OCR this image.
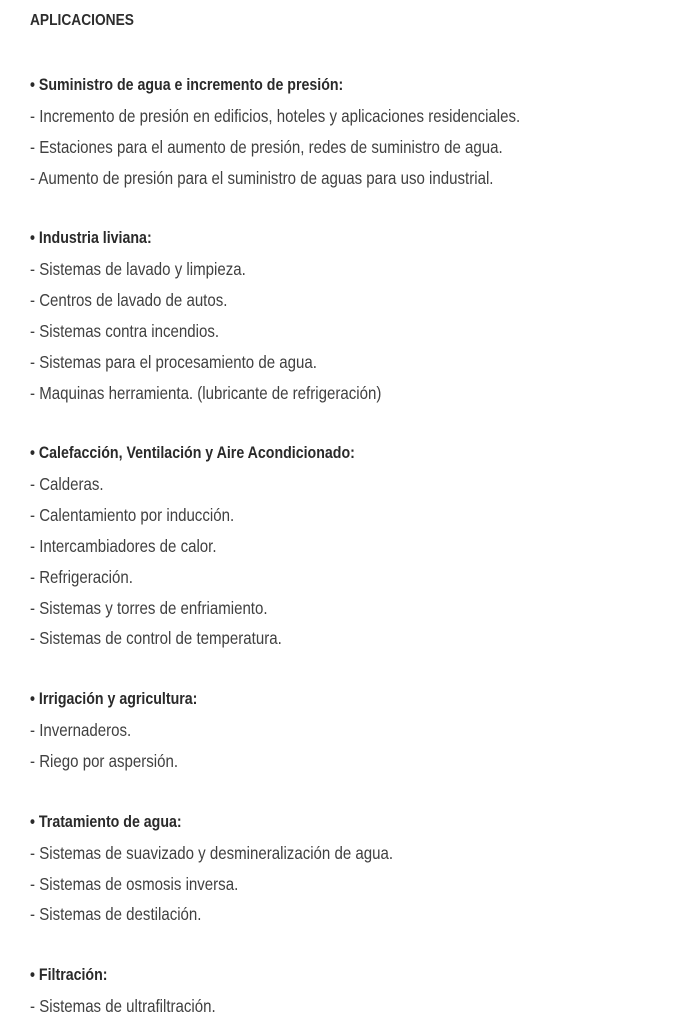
APLICACIONES
• Suministro de agua e incremento de presión:
- Incremento de presión en edificios, hoteles y aplicaciones residenciales.
- Estaciones para el aumento de presión, redes de suministro de agua.
- Aumento de presión para el suministro de aguas para uso industrial.
• Industria liviana:
- Sistemas de lavado y limpieza.
- Centros de lavado de autos.
- Sistemas contra incendios.
- Sistemas para el procesamiento de agua.
- Maquinas herramienta. (lubricante de refrigeración)
• Calefacción, Ventilación y Aire Acondicionado:
- Calderas.
- Calentamiento por inducción.
- Intercambiadores de calor.
- Refrigeración.
- Sistemas y torres de enfriamiento.
- Sistemas de control de temperatura.
• Irrigación y agricultura:
- Invernaderos.
- Riego por aspersión.
• Tratamiento de agua:
- Sistemas de suavizado y desmineralización de agua.
- Sistemas de osmosis inversa.
- Sistemas de destilación.
• Filtración:
- Sistemas de ultrafiltración.
